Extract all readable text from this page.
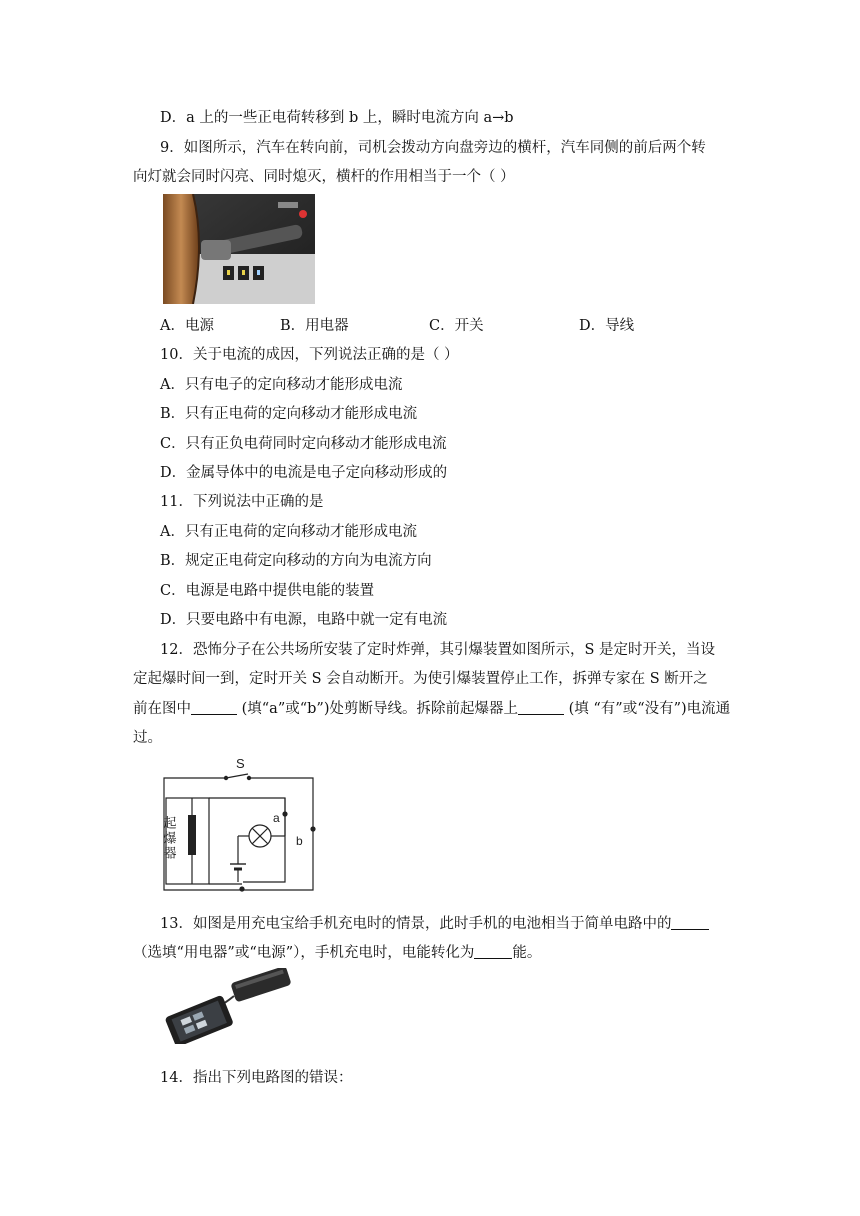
D．a 上的一些正电荷转移到 b 上，瞬时电流方向 a→b
9．如图所示，汽车在转向前，司机会拨动方向盘旁边的横杆，汽车同侧的前后两个转
向灯就会同时闪亮、同时熄灭，横杆的作用相当于一个（ ）
A．电源	B．用电器	C．开关	D．导线
10．关于电流的成因，下列说法正确的是（ ）
A．只有电子的定向移动才能形成电流
B．只有正电荷的定向移动才能形成电流
C．只有正负电荷同时定向移动才能形成电流
D．金属导体中的电流是电子定向移动形成的
11．下列说法中正确的是
A．只有正电荷的定向移动才能形成电流
B．规定正电荷定向移动的方向为电流方向
C．电源是电路中提供电能的装置
D．只要电路中有电源，电路中就一定有电流
12．恐怖分子在公共场所安装了定时炸弹，其引爆装置如图所示，S 是定时开关，当设
定起爆时间一到，定时开关 S 会自动断开。为使引爆装置停止工作，拆弹专家在 S 断开之
前在图中	(填“a”或“b”)处剪断导线。拆除前起爆器上	(填 “有”或“没有”)电流通
过。
S
a
b
起爆器
13．如图是用充电宝给手机充电时的情景，此时手机的电池相当于简单电路中的
（选填“用电器”或“电源”），手机充电时，电能转化为	能。
14．指出下列电路图的错误：
